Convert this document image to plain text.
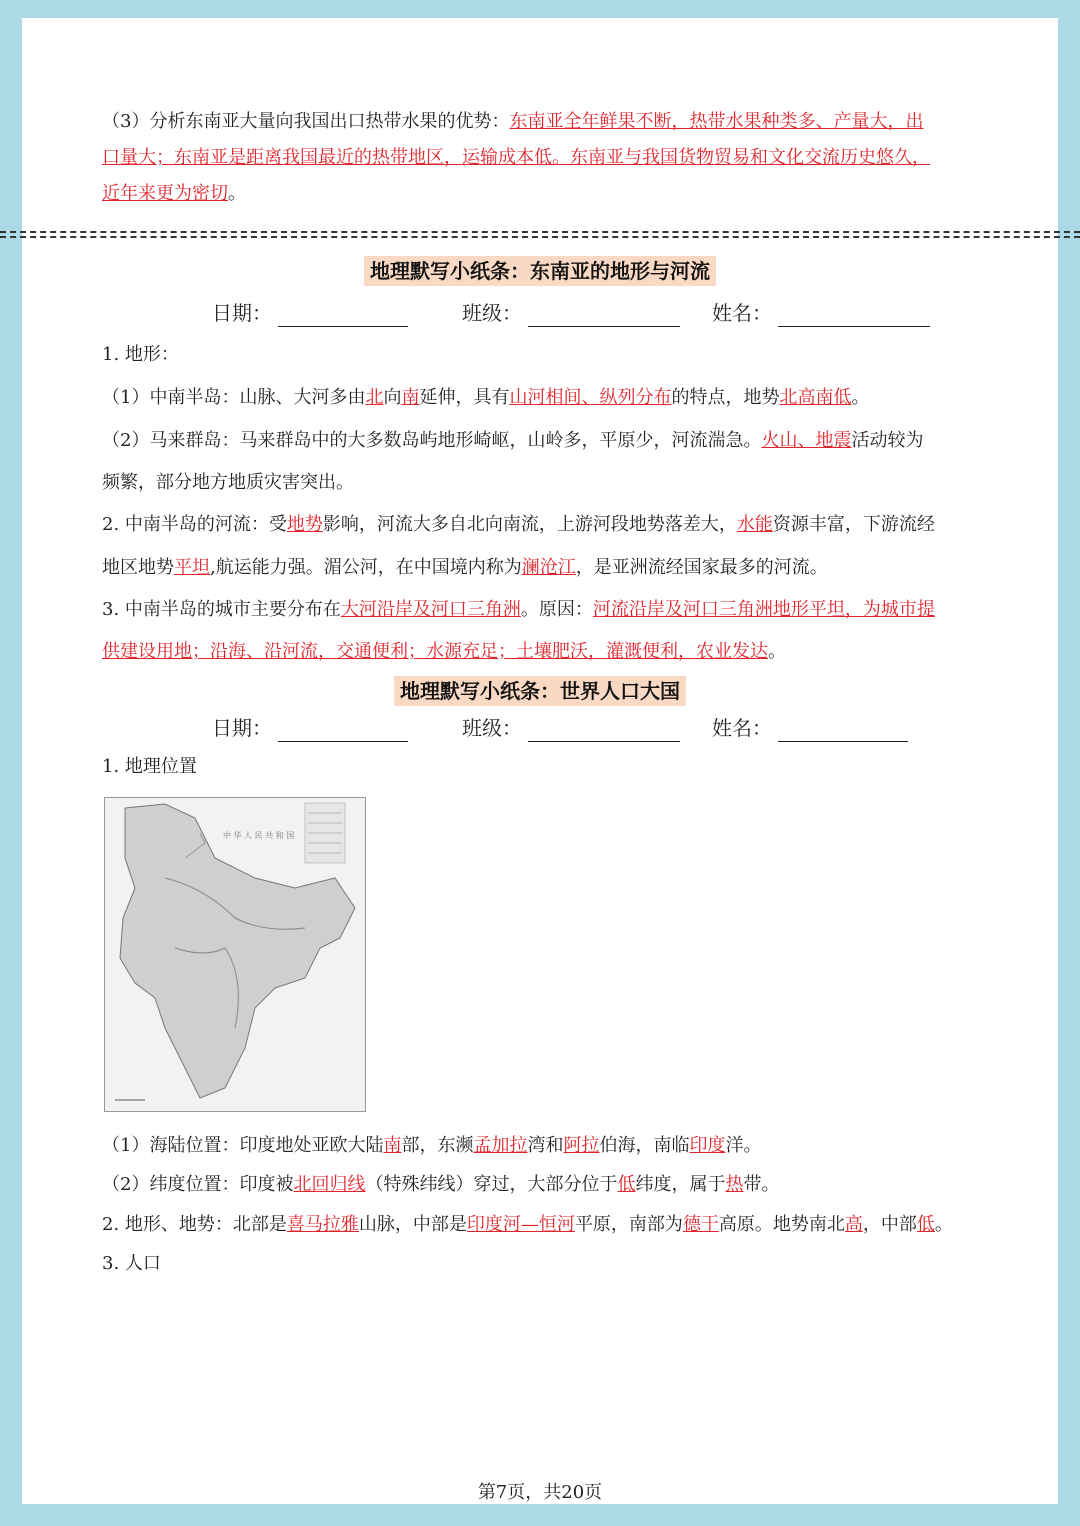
（3）分析东南亚大量向我国出口热带水果的优势：东南亚全年鲜果不断，热带水果种类多、产量大，出
口量大；东南亚是距离我国最近的热带地区，运输成本低。东南亚与我国货物贸易和文化交流历史悠久，
近年来更为密切。
地理默写小纸条：东南亚的地形与河流
日期：	班级：	姓名：
1. 地形：
（1）中南半岛：山脉、大河多由北向南延伸，具有山河相间、纵列分布的特点，地势北高南低。
（2）马来群岛：马来群岛中的大多数岛屿地形崎岖，山岭多，平原少，河流湍急。火山、地震活动较为
频繁，部分地方地质灾害突出。
2. 中南半岛的河流：受地势影响，河流大多自北向南流，上游河段地势落差大，水能资源丰富，下游流经
地区地势平坦,航运能力强。湄公河，在中国境内称为澜沧江，是亚洲流经国家最多的河流。
3. 中南半岛的城市主要分布在大河沿岸及河口三角洲。原因：河流沿岸及河口三角洲地形平坦，为城市提
供建设用地；沿海、沿河流，交通便利；水源充足；土壤肥沃，灌溉便利，农业发达。
地理默写小纸条：世界人口大国
日期：	班级：	姓名：
1. 地理位置
中 华 人 民 共 和 国
（1）海陆位置：印度地处亚欧大陆南部，东濒孟加拉湾和阿拉伯海，南临印度洋。
（2）纬度位置：印度被北回归线（特殊纬线）穿过，大部分位于低纬度，属于热带。
2. 地形、地势：北部是喜马拉雅山脉，中部是印度河—恒河平原，南部为德干高原。地势南北高，中部低。
3. 人口
第7页，共20页
